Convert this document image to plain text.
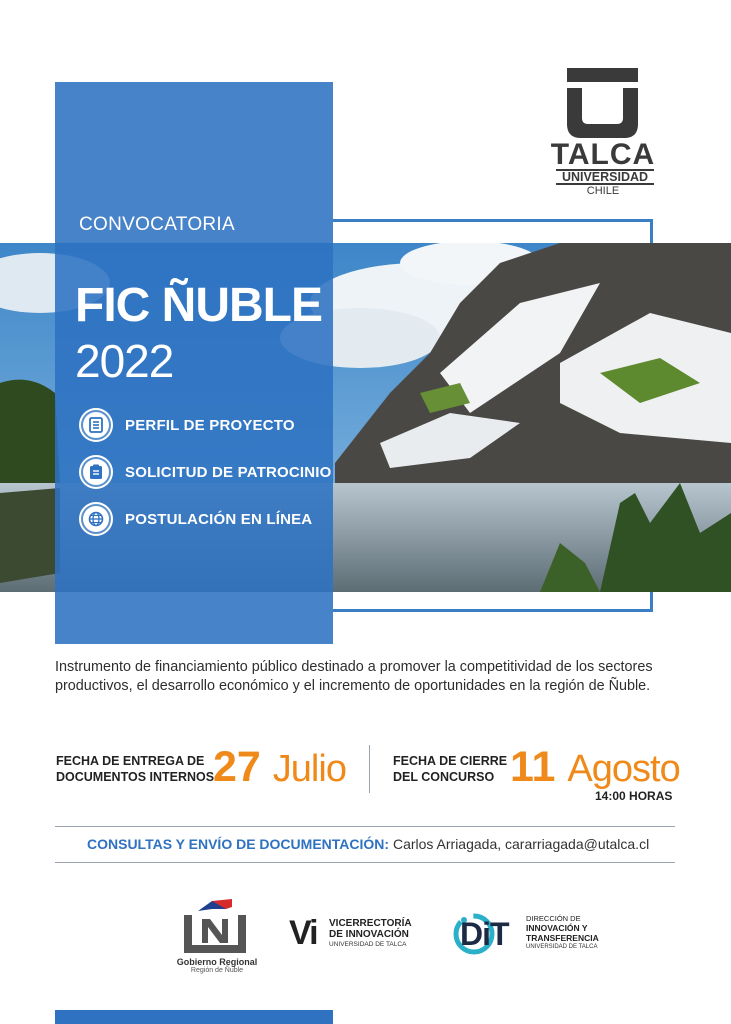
CONVOCATORIA
FIC ÑUBLE
2022
PERFIL DE PROYECTO
SOLICITUD DE PATROCINIO
POSTULACIÓN EN LÍNEA
TALCA
UNIVERSIDAD
CHILE
Instrumento de financiamiento público destinado a promover la competitividad de los sectores productivos, el desarrollo económico y el incremento de oportunidades en la región de Ñuble.
FECHA DE ENTREGA DE
DOCUMENTOS INTERNOS
27 Julio	FECHA DE CIERRE
DEL CONCURSO 11 Agosto
14:00 HORAS
CONSULTAS Y ENVÍO DE DOCUMENTACIÓN: Carlos Arriagada, cararriagada@utalca.cl
Gobierno Regional
Región de Ñuble
Vi VICERRECTORÍA
DE INNOVACIÓN
UNIVERSIDAD DE TALCA DiT DIRECCIÓN DE
INNOVACIÓN Y
TRANSFERENCIA
UNIVERSIDAD DE TALCA
